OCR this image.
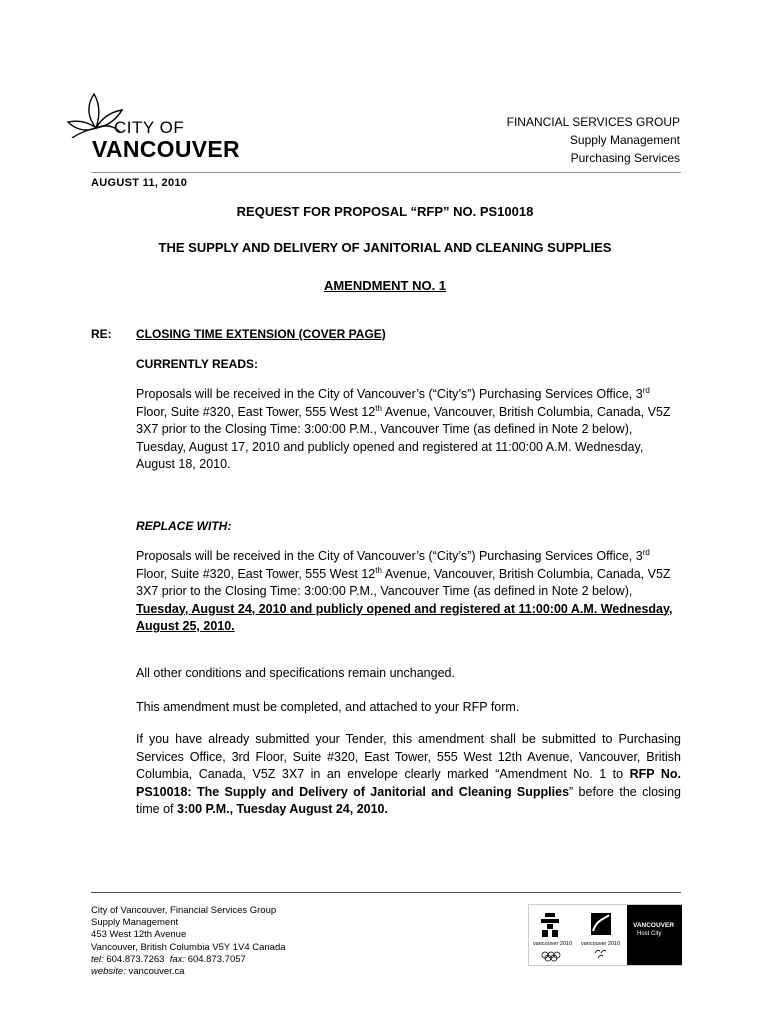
CITY OF
VANCOUVER
FINANCIAL SERVICES GROUP
Supply Management
Purchasing Services
AUGUST 11, 2010
REQUEST FOR PROPOSAL “RFP” NO. PS10018
THE SUPPLY AND DELIVERY OF JANITORIAL AND CLEANING SUPPLIES
AMENDMENT NO. 1
RE: CLOSING TIME EXTENSION (COVER PAGE)
CURRENTLY READS:
Proposals will be received in the City of Vancouver’s (“City’s”) Purchasing Services Office, 3rd Floor, Suite #320, East Tower, 555 West 12th Avenue, Vancouver, British Columbia, Canada, V5Z 3X7 prior to the Closing Time: 3:00:00 P.M., Vancouver Time (as defined in Note 2 below), Tuesday, August 17, 2010 and publicly opened and registered at 11:00:00 A.M. Wednesday, August 18, 2010.
REPLACE WITH:
Proposals will be received in the City of Vancouver’s (“City’s”) Purchasing Services Office, 3rd Floor, Suite #320, East Tower, 555 West 12th Avenue, Vancouver, British Columbia, Canada, V5Z 3X7 prior to the Closing Time: 3:00:00 P.M., Vancouver Time (as defined in Note 2 below), Tuesday, August 24, 2010 and publicly opened and registered at 11:00:00 A.M. Wednesday, August 25, 2010.
All other conditions and specifications remain unchanged.
This amendment must be completed, and attached to your RFP form.
If you have already submitted your Tender, this amendment shall be submitted to Purchasing Services Office, 3rd Floor, Suite #320, East Tower, 555 West 12th Avenue, Vancouver, British Columbia, Canada, V5Z 3X7 in an envelope clearly marked “Amendment No. 1 to RFP No. PS10018: The Supply and Delivery of Janitorial and Cleaning Supplies” before the closing time of 3:00 P.M., Tuesday August 24, 2010.
City of Vancouver, Financial Services Group
Supply Management
453 West 12th Avenue
Vancouver, British Columbia V5Y 1V4 Canada
tel: 604.873.7263 fax: 604.873.7057
website: vancouver.ca
vancouver 2010 vancouver 2010
VANCOUVER
Host City
